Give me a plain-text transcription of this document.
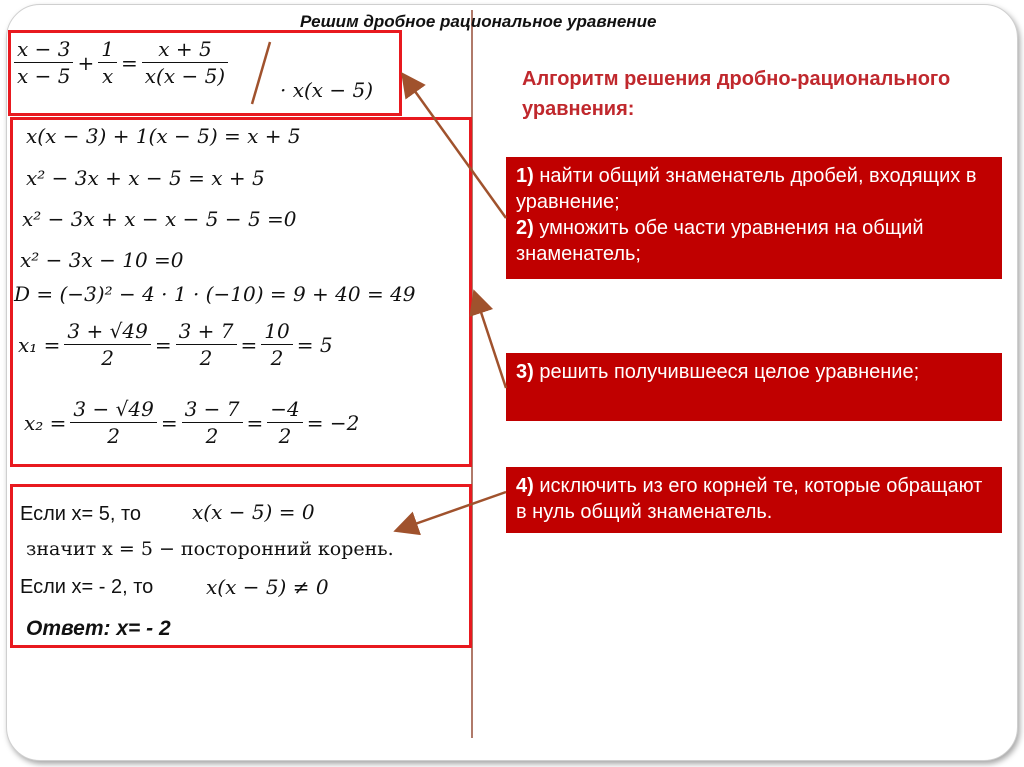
Решим дробное рациональное уравнение
$\frac{x - 3}{x - 5} + \frac{1}{x} = \frac{x + 5}{x(x - 5)}$
· x(x − 5)
x(x − 3) + 1(x − 5) = x + 5
x² − 3x + x − 5 = x + 5
x² − 3x + x − x − 5 − 5 =0
x² − 3x − 10 =0
D = (−3)² − 4 · 1 · (−10) = 9 + 40 = 49
$x_1 = \frac{3 + √49}{2} = \frac{3 + 7}{2} = \frac{10}{2} = 5$
$x_2 = \frac{3 - √49}{2} = \frac{3 - 7}{2} = \frac{-4}{2} = -2$
Если x= 5, то	x(x − 5) = 0
значит x = 5 − посторонний корень.
Если x= - 2, то	x(x − 5) ≠ 0
Ответ: x= - 2
Алгоритм решения дробно-рационального уравнения:
1) найти общий знаменатель дробей, входящих в уравнение;
2) умножить обе части уравнения на общий знаменатель;
3) решить получившееся целое уравнение;
4) исключить из его корней те, которые обращают в нуль общий знаменатель.
